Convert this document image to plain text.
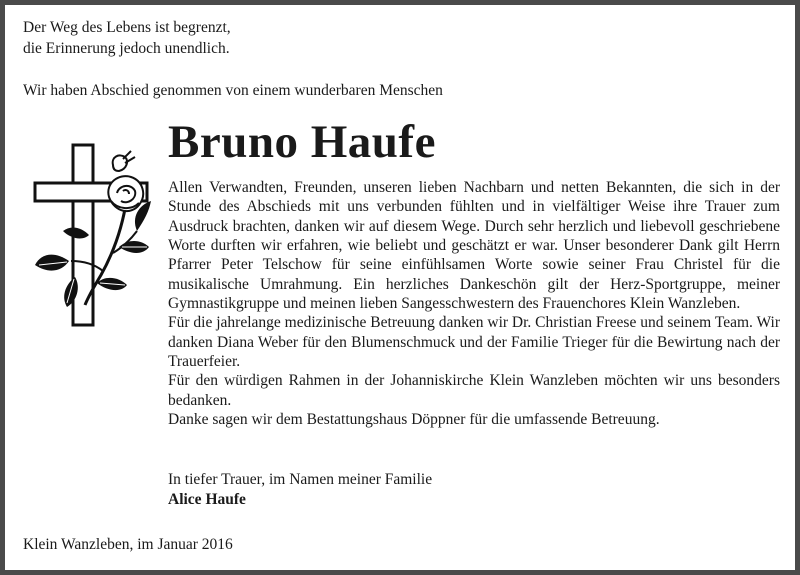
Der Weg des Lebens ist begrenzt,
die Erinnerung jedoch unendlich.
Wir haben Abschied genommen von einem wunderbaren Menschen
Bruno Haufe

Allen Verwandten, Freunden, unseren lieben Nachbarn und netten Bekannten, die sich in der Stunde des Abschieds mit uns verbunden fühlten und in vielfältiger Weise ihre Trauer zum Ausdruck brachten, danken wir auf diesem Wege. Durch sehr herzlich und liebevoll geschriebene Worte durften wir erfahren, wie beliebt und geschätzt er war. Unser besonderer Dank gilt Herrn Pfarrer Peter Telschow für seine einfühlsamen Worte sowie seiner Frau Christel für die musikalische Umrahmung. Ein herzliches Dankeschön gilt der Herz-Sportgruppe, meiner Gymnastikgruppe und meinen lieben Sangesschwestern des Frauenchores Klein Wanzleben.

Für die jahrelange medizinische Betreuung danken wir Dr. Christian Freese und seinem Team. Wir danken Diana Weber für den Blumenschmuck und der Familie Trieger für die Bewirtung nach der Trauerfeier.

Für den würdigen Rahmen in der Johanniskirche Klein Wanzleben möchten wir uns besonders bedanken.

Danke sagen wir dem Bestattungshaus Döppner für die umfassende Betreuung.

In tiefer Trauer, im Namen meiner Familie
Alice Haufe
Klein Wanzleben, im Januar 2016
